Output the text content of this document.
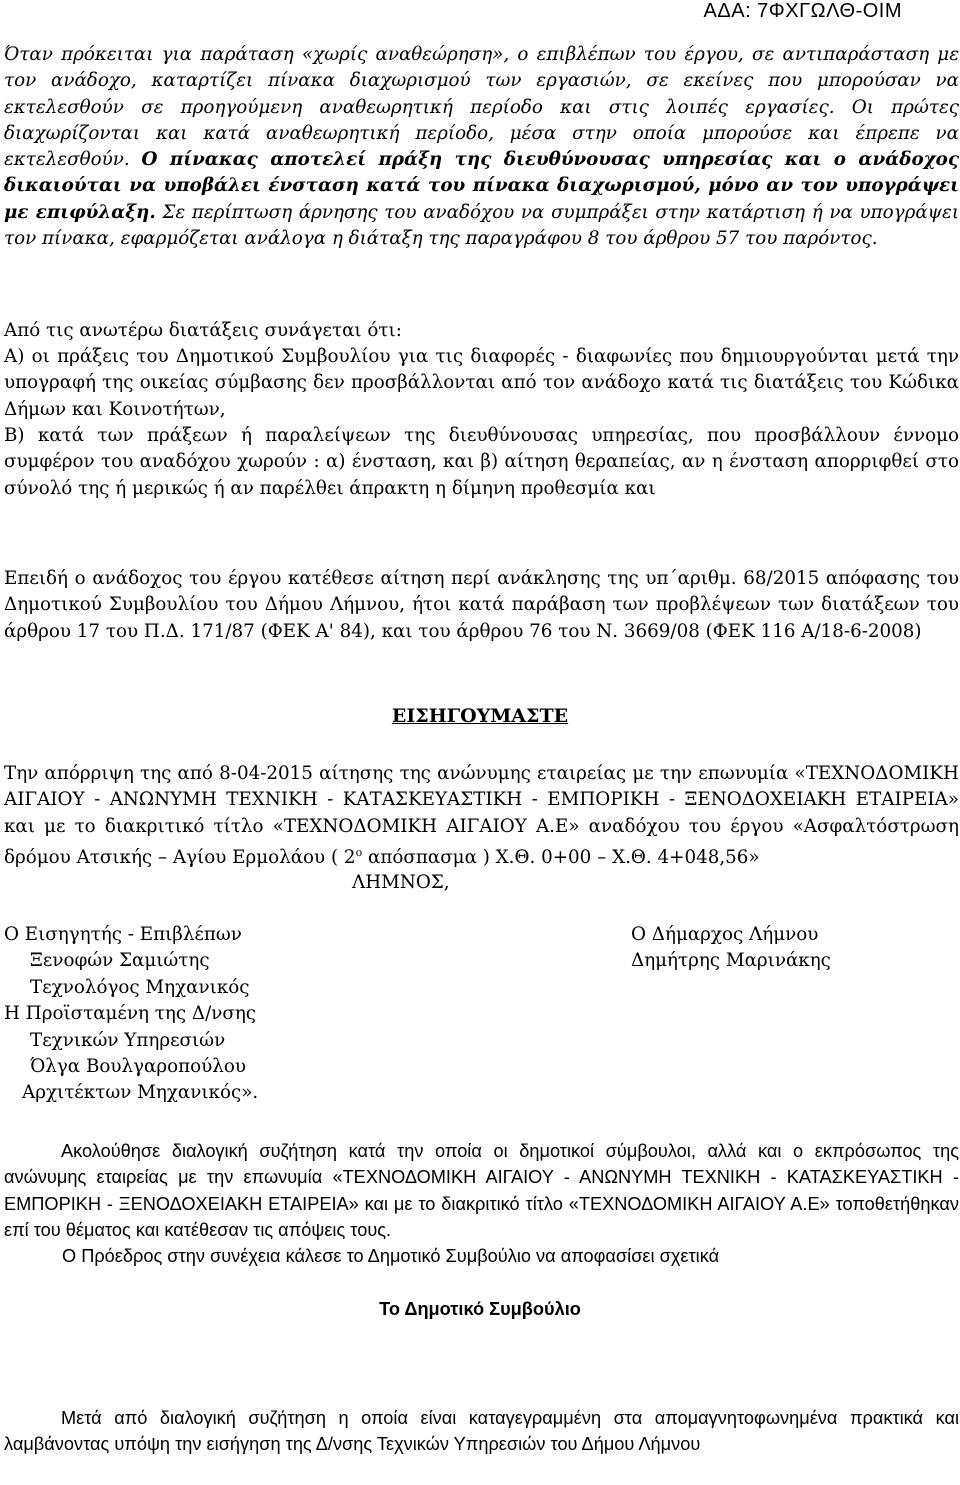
ΑΔΑ: 7ΦΧΓΩΛΘ-ΟΙΜ

Όταν πρόκειται για παράταση «χωρίς αναθεώρηση», ο επιβλέπων του έργου, σε αντιπαράσταση με τον ανάδοχο, καταρτίζει πίνακα διαχωρισμού των εργασιών, σε εκείνες που μπορούσαν να εκτελεσθούν σε προηγούμενη αναθεωρητική περίοδο και στις λοιπές εργασίες. Οι πρώτες διαχωρίζονται και κατά αναθεωρητική περίοδο, μέσα στην οποία μπορούσε και έπρεπε να εκτελεσθούν. Ο πίνακας αποτελεί πράξη της διευθύνουσας υπηρεσίας και ο ανάδοχος δικαιούται να υποβάλει ένσταση κατά του πίνακα διαχωρισμού, μόνο αν τον υπογράψει με επιφύλαξη. Σε περίπτωση άρνησης του αναδόχου να συμπράξει στην κατάρτιση ή να υπογράψει τον πίνακα, εφαρμόζεται ανάλογα η διάταξη της παραγράφου 8 του άρθρου 57 του παρόντος.

Από τις ανωτέρω διατάξεις συνάγεται ότι:

Α) οι πράξεις του Δημοτικού Συμβουλίου για τις διαφορές - διαφωνίες που δημιουργούνται μετά την υπογραφή της οικείας σύμβασης δεν προσβάλλονται από τον ανάδοχο κατά τις διατάξεις του Κώδικα Δήμων και Κοινοτήτων,

Β) κατά των πράξεων ή παραλείψεων της διευθύνουσας υπηρεσίας, που προσβάλλουν έννομο συμφέρον του αναδόχου χωρούν : α) ένσταση, και β) αίτηση θεραπείας, αν η ένσταση απορριφθεί στο σύνολό της ή μερικώς ή αν παρέλθει άπρακτη η δίμηνη προθεσμία και

Επειδή ο ανάδοχος του έργου κατέθεσε αίτηση περί ανάκλησης της υπ΄αριθμ. 68/2015 απόφασης του Δημοτικού Συμβουλίου του Δήμου Λήμνου, ήτοι κατά παράβαση των προβλέψεων των διατάξεων του άρθρου 17 του Π.Δ. 171/87 (ΦΕΚ Α' 84), και του άρθρου 76 του Ν. 3669/08 (ΦΕΚ 116 Α/18-6-2008)

ΕΙΣΗΓΟΥΜΑΣΤΕ

Την απόρριψη της από 8-04-2015 αίτησης της ανώνυμης εταιρείας με την επωνυμία «ΤΕΧΝΟΔΟΜΙΚΗ ΑΙΓΑΙΟΥ - ΑΝΩΝΥΜΗ ΤΕΧΝΙΚΗ - ΚΑΤΑΣΚΕΥΑΣΤΙΚΗ - ΕΜΠΟΡΙΚΗ - ΞΕΝΟΔΟΧΕΙΑΚΗ ΕΤΑΙΡΕΙΑ» και με το διακριτικό τίτλο «ΤΕΧΝΟΔΟΜΙΚΗ ΑΙΓΑΙΟΥ Α.Ε» αναδόχου του έργου «Ασφαλτόστρωση δρόμου Ατσικής – Αγίου Ερμολάου ( $2^o$ απόσπασμα ) Χ.Θ. 0+00 – Χ.Θ. 4+048,56»

ΛΗΜΝΟΣ,
Ο Εισηγητής - Επιβλέπων
Ξενοφών Σαμιώτης
Τεχνολόγος Μηχανικός
Η Προϊσταμένη της Δ/νσης
Τεχνικών Υπηρεσιών
Όλγα Βουλγαροπούλου
Αρχιτέκτων Μηχανικός».
Ο Δήμαρχος Λήμνου
Δημήτρης Μαρινάκης

Ακολούθησε διαλογική συζήτηση κατά την οποία οι δημοτικοί σύμβουλοι, αλλά και ο εκπρόσωπος της ανώνυμης εταιρείας με την επωνυμία «ΤΕΧΝΟΔΟΜΙΚΗ ΑΙΓΑΙΟΥ - ΑΝΩΝΥΜΗ ΤΕΧΝΙΚΗ - ΚΑΤΑΣΚΕΥΑΣΤΙΚΗ - ΕΜΠΟΡΙΚΗ - ΞΕΝΟΔΟΧΕΙΑΚΗ ΕΤΑΙΡΕΙΑ» και με το διακριτικό τίτλο «ΤΕΧΝΟΔΟΜΙΚΗ ΑΙΓΑΙΟΥ Α.Ε» τοποθετήθηκαν επί του θέματος και κατέθεσαν τις απόψεις τους.

Ο Πρόεδρος στην συνέχεια κάλεσε το Δημοτικό Συμβούλιο να αποφασίσει σχετικά

Το Δημοτικό Συμβούλιο

Μετά από διαλογική συζήτηση η οποία είναι καταγεγραμμένη στα απομαγνητοφωνημένα πρακτικά και λαμβάνοντας υπόψη την εισήγηση της Δ/νσης Τεχνικών Υπηρεσιών του Δήμου Λήμνου
